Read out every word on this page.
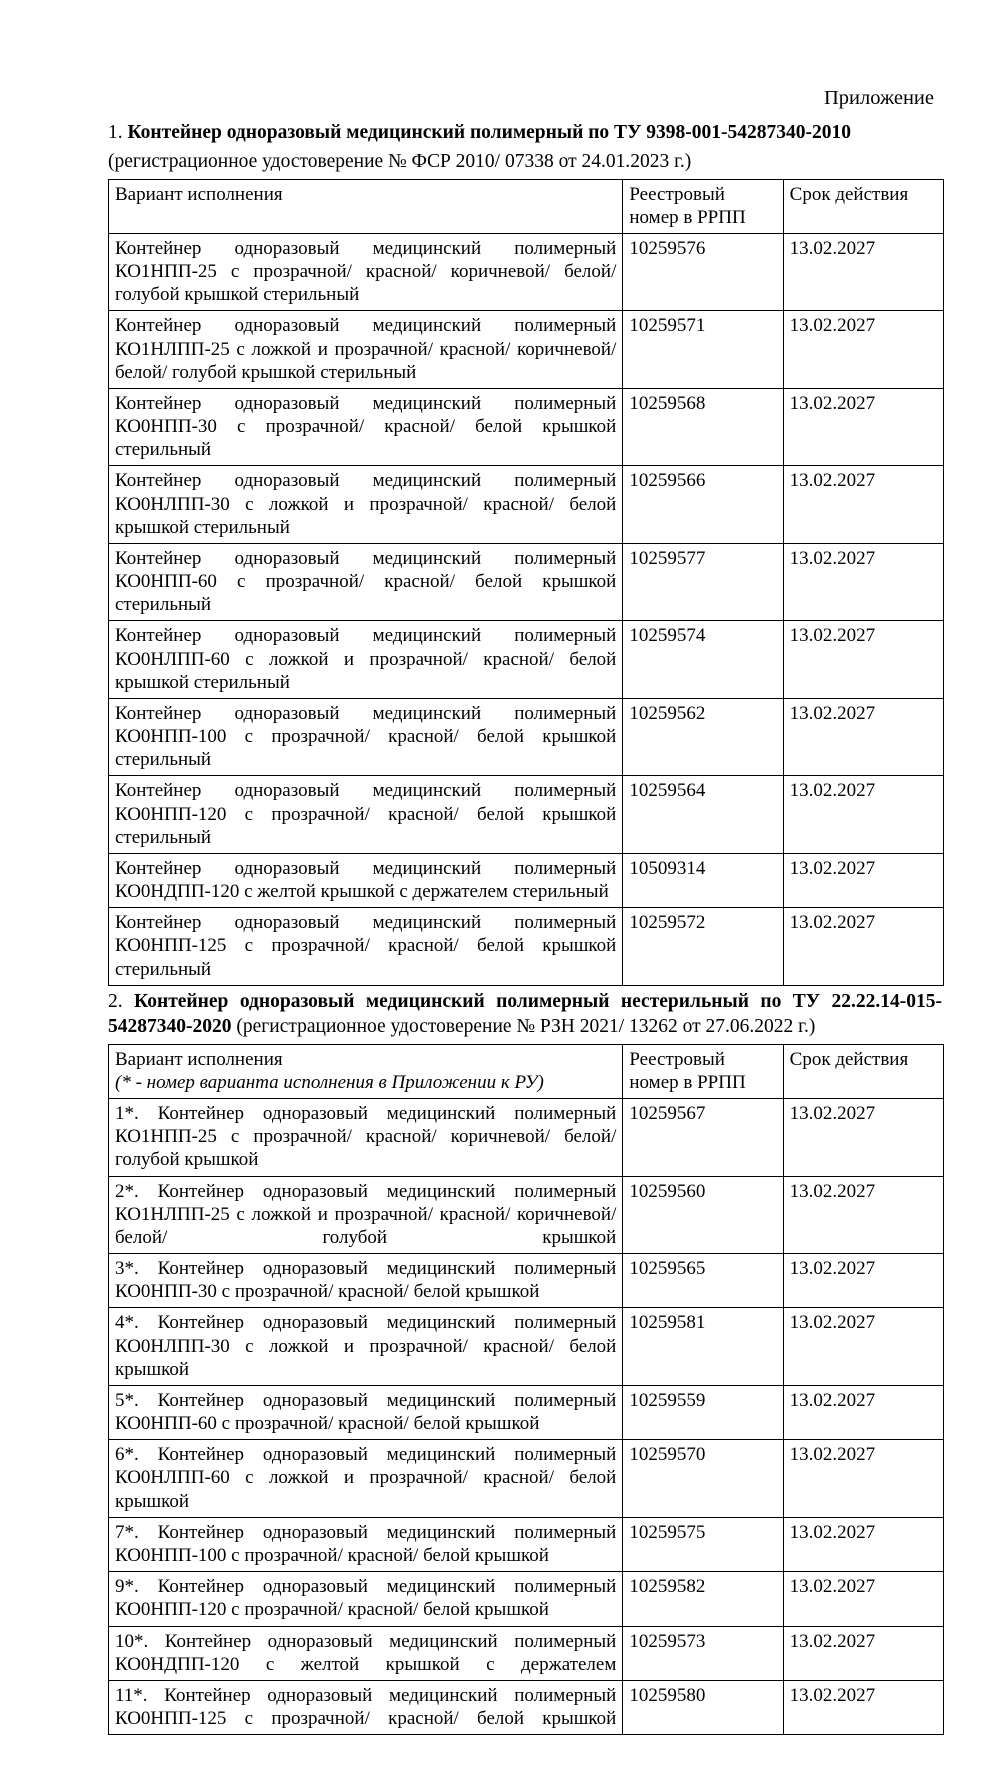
Приложение

1. Контейнер одноразовый медицинский полимерный по ТУ 9398-001-54287340-2010

(регистрационное удостоверение № ФСР 2010/ 07338 от 24.01.2023 г.)

Вариант исполнения	Реестровый номер в РРПП	Срок действия
Контейнер одноразовый медицинский полимерный КО1НПП-25 с прозрачной/ красной/ коричневой/ белой/ голубой крышкой стерильный	10259576	13.02.2027
Контейнер одноразовый медицинский полимерный КО1НЛПП-25 с ложкой и прозрачной/ красной/ коричневой/ белой/ голубой крышкой стерильный	10259571	13.02.2027
Контейнер одноразовый медицинский полимерный КО0НПП-30 с прозрачной/ красной/ белой крышкой стерильный	10259568	13.02.2027
Контейнер одноразовый медицинский полимерный КО0НЛПП-30 с ложкой и прозрачной/ красной/ белой крышкой стерильный	10259566	13.02.2027
Контейнер одноразовый медицинский полимерный КО0НПП-60 с прозрачной/ красной/ белой крышкой стерильный	10259577	13.02.2027
Контейнер одноразовый медицинский полимерный КО0НЛПП-60 с ложкой и прозрачной/ красной/ белой крышкой стерильный	10259574	13.02.2027
Контейнер одноразовый медицинский полимерный КО0НПП-100 с прозрачной/ красной/ белой крышкой стерильный	10259562	13.02.2027
Контейнер одноразовый медицинский полимерный КО0НПП-120 с прозрачной/ красной/ белой крышкой стерильный	10259564	13.02.2027
Контейнер одноразовый медицинский полимерный КО0НДПП-120 с желтой крышкой с держателем стерильный	10509314	13.02.2027
Контейнер одноразовый медицинский полимерный КО0НПП-125 с прозрачной/ красной/ белой крышкой стерильный	10259572	13.02.2027

2. Контейнер одноразовый медицинский полимерный нестерильный по ТУ 22.22.14-015-54287340-2020 (регистрационное удостоверение № РЗН 2021/ 13262 от 27.06.2022 г.)

Вариант исполнения
(* - номер варианта исполнения в Приложении к РУ)	Реестровый номер в РРПП	Срок действия
1*. Контейнер одноразовый медицинский полимерный КО1НПП-25 с прозрачной/ красной/ коричневой/ белой/ голубой крышкой	10259567	13.02.2027
2*. Контейнер одноразовый медицинский полимерный КО1НЛПП-25 с ложкой и прозрачной/ красной/ коричневой/ белой/ голубой крышкой	10259560	13.02.2027
3*. Контейнер одноразовый медицинский полимерный КО0НПП-30 с прозрачной/ красной/ белой крышкой	10259565	13.02.2027
4*. Контейнер одноразовый медицинский полимерный КО0НЛПП-30 с ложкой и прозрачной/ красной/ белой крышкой	10259581	13.02.2027
5*. Контейнер одноразовый медицинский полимерный КО0НПП-60 с прозрачной/ красной/ белой крышкой	10259559	13.02.2027
6*. Контейнер одноразовый медицинский полимерный КО0НЛПП-60 с ложкой и прозрачной/ красной/ белой крышкой	10259570	13.02.2027
7*. Контейнер одноразовый медицинский полимерный КО0НПП-100 с прозрачной/ красной/ белой крышкой	10259575	13.02.2027
9*. Контейнер одноразовый медицинский полимерный КО0НПП-120 с прозрачной/ красной/ белой крышкой	10259582	13.02.2027
10*. Контейнер одноразовый медицинский полимерный КО0НДПП-120 с желтой крышкой с держателем	10259573	13.02.2027
11*. Контейнер одноразовый медицинский полимерный КО0НПП-125 с прозрачной/ красной/ белой крышкой	10259580	13.02.2027
